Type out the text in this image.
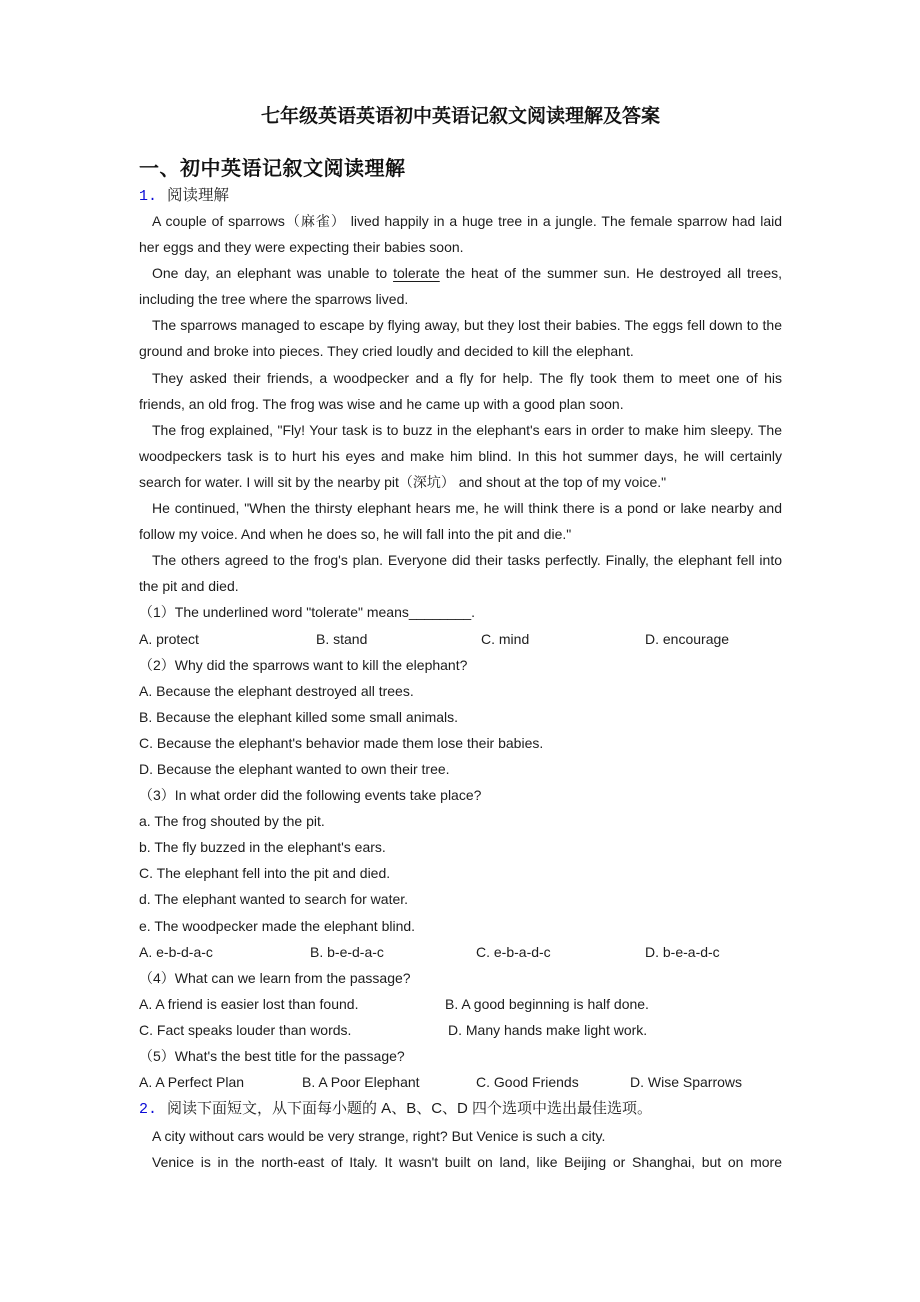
七年级英语英语初中英语记叙文阅读理解及答案
一、初中英语记叙文阅读理解
1. 阅读理解

A couple of sparrows（麻雀） lived happily in a huge tree in a jungle. The female sparrow had laid her eggs and they were expecting their babies soon.

One day, an elephant was unable to tolerate the heat of the summer sun. He destroyed all trees, including the tree where the sparrows lived.

The sparrows managed to escape by flying away, but they lost their babies. The eggs fell down to the ground and broke into pieces. They cried loudly and decided to kill the elephant.

They asked their friends, a woodpecker and a fly for help. The fly took them to meet one of his friends, an old frog. The frog was wise and he came up with a good plan soon.

The frog explained, "Fly! Your task is to buzz in the elephant's ears in order to make him sleepy. The woodpeckers task is to hurt his eyes and make him blind. In this hot summer days, he will certainly search for water. I will sit by the nearby pit（深坑） and shout at the top of my voice."

He continued, "When the thirsty elephant hears me, he will think there is a pond or lake nearby and follow my voice. And when he does so, he will fall into the pit and die."

The others agreed to the frog's plan. Everyone did their tasks perfectly. Finally, the elephant fell into the pit and died.

（1）The underlined word "tolerate" means________.

A. protect	B. stand	C. mind	D. encourage

（2）Why did the sparrows want to kill the elephant?

A. Because the elephant destroyed all trees.

B. Because the elephant killed some small animals.

C. Because the elephant's behavior made them lose their babies.

D. Because the elephant wanted to own their tree.

（3）In what order did the following events take place?

a. The frog shouted by the pit.

b. The fly buzzed in the elephant's ears.

C. The elephant fell into the pit and died.

d. The elephant wanted to search for water.

e. The woodpecker made the elephant blind.

A. e-b-d-a-c	B. b-e-d-a-c	C. e-b-a-d-c	D. b-e-a-d-c

（4）What can we learn from the passage?

A. A friend is easier lost than found.	B. A good beginning is half done.
C. Fact speaks louder than words.	D. Many hands make light work.

（5）What's the best title for the passage?

A. A Perfect Plan	B. A Poor Elephant	C. Good Friends	D. Wise Sparrows

2. 阅读下面短文，从下面每小题的 A、B、C、D 四个选项中选出最佳选项。

A city without cars would be very strange, right? But Venice is such a city.

Venice is in the north-east of Italy. It wasn't built on land, like Beijing or Shanghai, but on more
